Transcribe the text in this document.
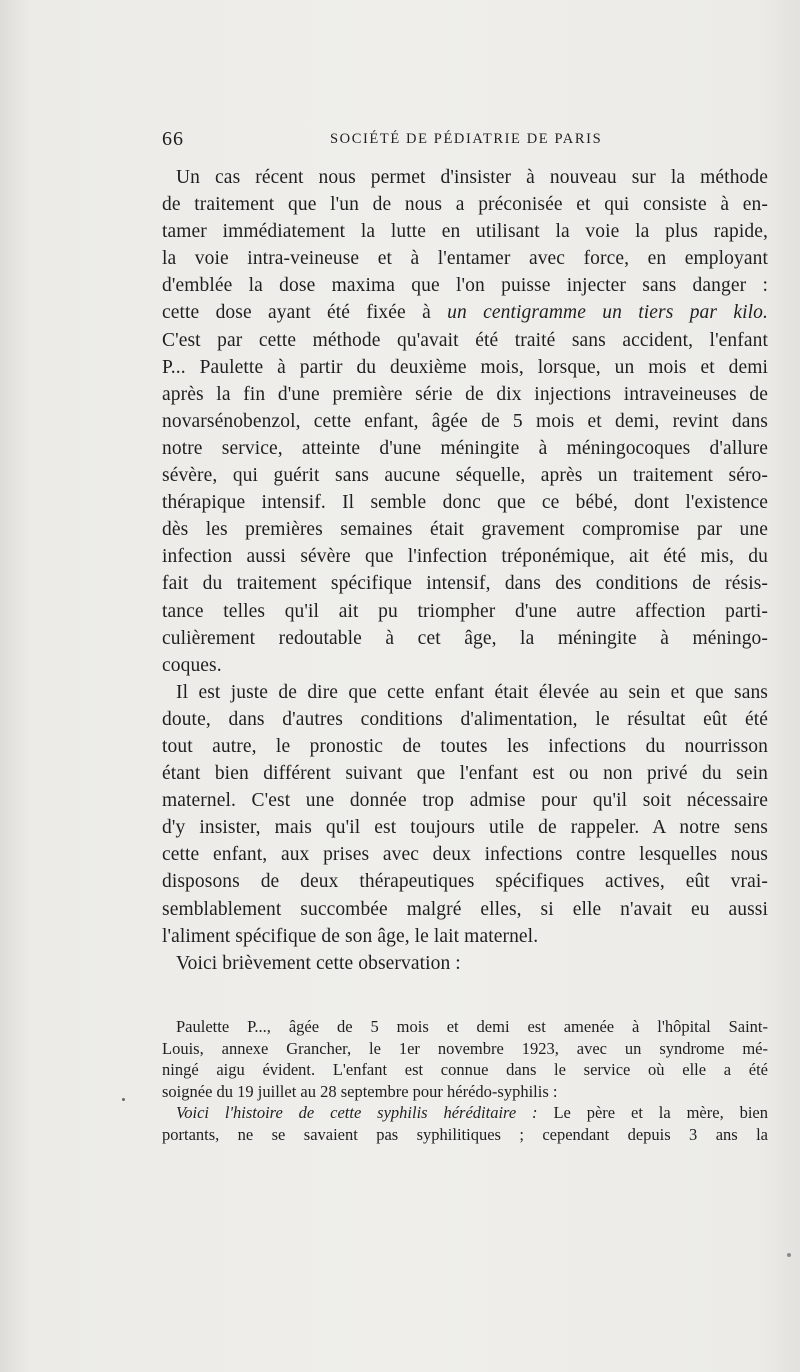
66	SOCIÉTÉ DE PÉDIATRIE DE PARIS
Un cas récent nous permet d'insister à nouveau sur la méthode
de traitement que l'un de nous a préconisée et qui consiste à en-
tamer immédiatement la lutte en utilisant la voie la plus rapide,
la voie intra-veineuse et à l'entamer avec force, en employant
d'emblée la dose maxima que l'on puisse injecter sans danger :
cette dose ayant été fixée à un centigramme un tiers par kilo.
C'est par cette méthode qu'avait été traité sans accident, l'enfant
P... Paulette à partir du deuxième mois, lorsque, un mois et demi
après la fin d'une première série de dix injections intraveineuses de
novarsénobenzol, cette enfant, âgée de 5 mois et demi, revint dans
notre service, atteinte d'une méningite à méningocoques d'allure
sévère, qui guérit sans aucune séquelle, après un traitement séro-
thérapique intensif. Il semble donc que ce bébé, dont l'existence
dès les premières semaines était gravement compromise par une
infection aussi sévère que l'infection tréponémique, ait été mis, du
fait du traitement spécifique intensif, dans des conditions de résis-
tance telles qu'il ait pu triompher d'une autre affection parti-
culièrement redoutable à cet âge, la méningite à méningo-
coques.
Il est juste de dire que cette enfant était élevée au sein et que sans
doute, dans d'autres conditions d'alimentation, le résultat eût été
tout autre, le pronostic de toutes les infections du nourrisson
étant bien différent suivant que l'enfant est ou non privé du sein
maternel. C'est une donnée trop admise pour qu'il soit nécessaire
d'y insister, mais qu'il est toujours utile de rappeler. A notre sens
cette enfant, aux prises avec deux infections contre lesquelles nous
disposons de deux thérapeutiques spécifiques actives, eût vrai-
semblablement succombée malgré elles, si elle n'avait eu aussi
l'aliment spécifique de son âge, le lait maternel.
Voici brièvement cette observation :
Paulette P..., âgée de 5 mois et demi est amenée à l'hôpital Saint-
Louis, annexe Grancher, le 1er novembre 1923, avec un syndrome mé-
ningé aigu évident. L'enfant est connue dans le service où elle a été
soignée du 19 juillet au 28 septembre pour hérédo-syphilis :
Voici l'histoire de cette syphilis héréditaire : Le père et la mère, bien
portants, ne se savaient pas syphilitiques ; cependant depuis 3 ans la
